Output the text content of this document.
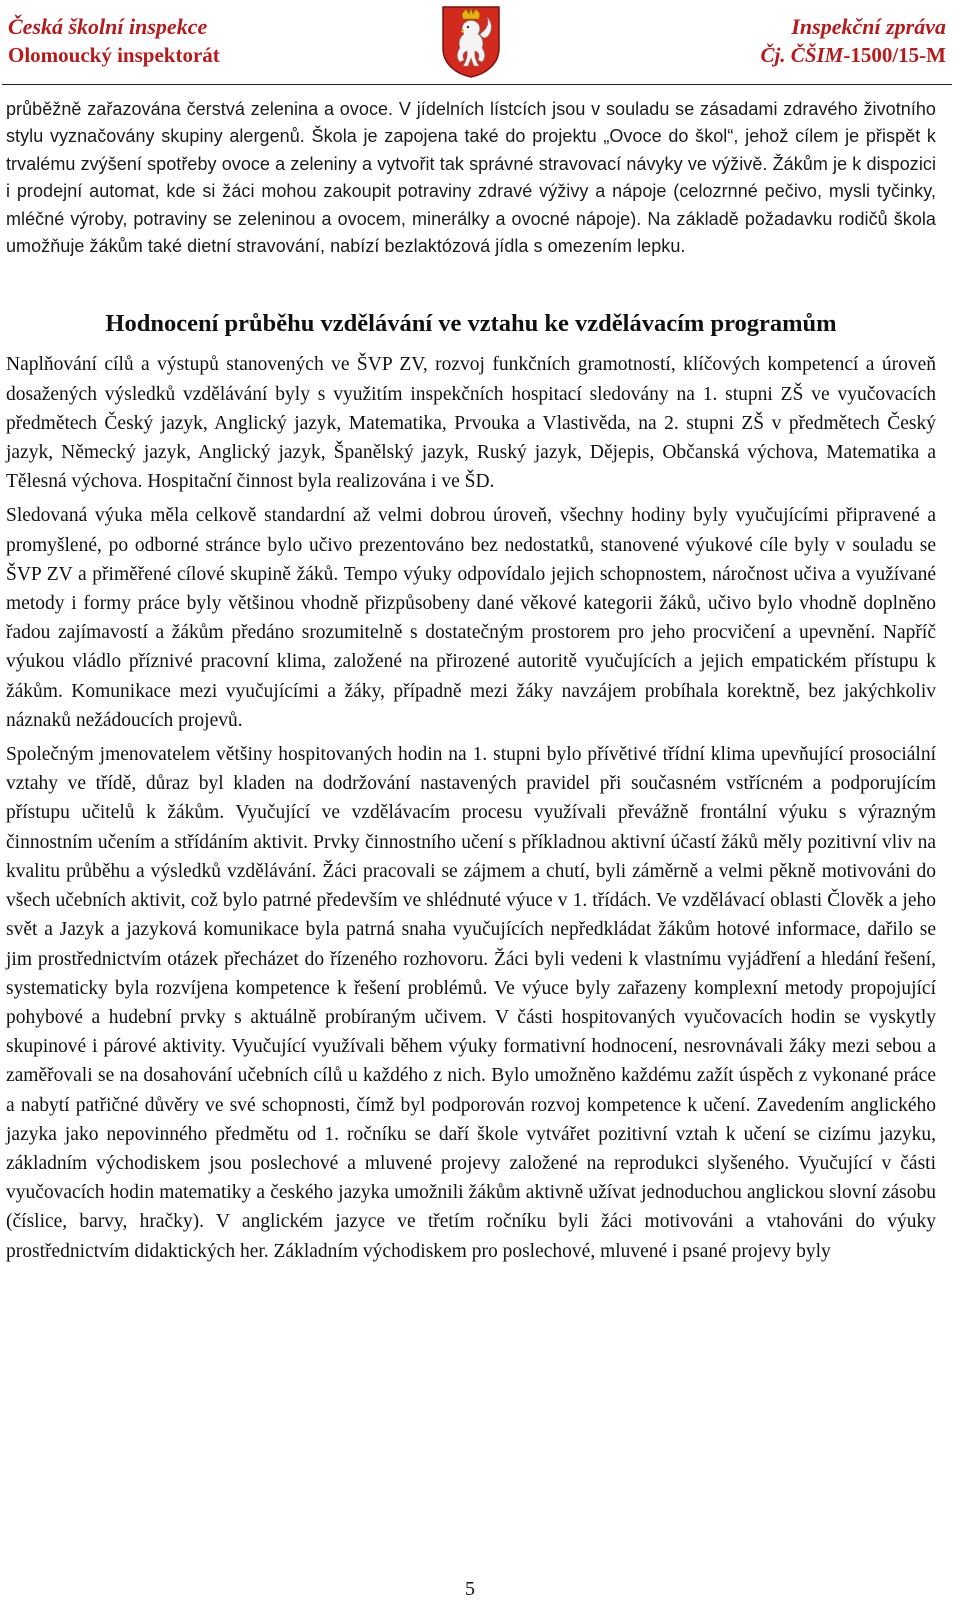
Česká školní inspekce
Olomoucký inspektorát
Inspekční zpráva
Čj. ČŠIM-1500/15-M

průběžně zařazována čerstvá zelenina a ovoce. V jídelních lístcích jsou v souladu se zásadami zdravého životního stylu vyznačovány skupiny alergenů. Škola je zapojena také do projektu „Ovoce do škol“, jehož cílem je přispět k trvalému zvýšení spotřeby ovoce a zeleniny a vytvořit tak správné stravovací návyky ve výživě. Žákům je k dispozici i prodejní automat, kde si žáci mohou zakoupit potraviny zdravé výživy a nápoje (celozrnné pečivo, mysli tyčinky, mléčné výroby, potraviny se zeleninou a ovocem, minerálky a ovocné nápoje). Na základě požadavku rodičů škola umožňuje žákům také dietní stravování, nabízí bezlaktózová jídla s omezením lepku.

Hodnocení průběhu vzdělávání ve vztahu ke vzdělávacím programům

Naplňování cílů a výstupů stanovených ve ŠVP ZV, rozvoj funkčních gramotností, klíčových kompetencí a úroveň dosažených výsledků vzdělávání byly s využitím inspekčních hospitací sledovány na 1. stupni ZŠ ve vyučovacích předmětech Český jazyk, Anglický jazyk, Matematika, Prvouka a Vlastivěda, na 2. stupni ZŠ v předmětech Český jazyk, Německý jazyk, Anglický jazyk, Španělský jazyk, Ruský jazyk, Dějepis, Občanská výchova, Matematika a Tělesná výchova. Hospitační činnost byla realizována i ve ŠD.

Sledovaná výuka měla celkově standardní až velmi dobrou úroveň, všechny hodiny byly vyučujícími připravené a promyšlené, po odborné stránce bylo učivo prezentováno bez nedostatků, stanovené výukové cíle byly v souladu se ŠVP ZV a přiměřené cílové skupině žáků. Tempo výuky odpovídalo jejich schopnostem, náročnost učiva a využívané metody i formy práce byly většinou vhodně přizpůsobeny dané věkové kategorii žáků, učivo bylo vhodně doplněno řadou zajímavostí a žákům předáno srozumitelně s dostatečným prostorem pro jeho procvičení a upevnění. Napříč výukou vládlo příznivé pracovní klima, založené na přirozené autoritě vyučujících a jejich empatickém přístupu k žákům. Komunikace mezi vyučujícími a žáky, případně mezi žáky navzájem probíhala korektně, bez jakýchkoliv náznaků nežádoucích projevů.

Společným jmenovatelem většiny hospitovaných hodin na 1. stupni bylo přívětivé třídní klima upevňující prosociální vztahy ve třídě, důraz byl kladen na dodržování nastavených pravidel při současném vstřícném a podporujícím přístupu učitelů k žákům. Vyučující ve vzdělávacím procesu využívali převážně frontální výuku s výrazným činnostním učením a střídáním aktivit. Prvky činnostního učení s příkladnou aktivní účastí žáků měly pozitivní vliv na kvalitu průběhu a výsledků vzdělávání. Žáci pracovali se zájmem a chutí, byli záměrně a velmi pěkně motivováni do všech učebních aktivit, což bylo patrné především ve shlédnuté výuce v 1. třídách. Ve vzdělávací oblasti Člověk a jeho svět a Jazyk a jazyková komunikace byla patrná snaha vyučujících nepředkládat žákům hotové informace, dařilo se jim prostřednictvím otázek přecházet do řízeného rozhovoru. Žáci byli vedeni k vlastnímu vyjádření a hledání řešení, systematicky byla rozvíjena kompetence k řešení problémů. Ve výuce byly zařazeny komplexní metody propojující pohybové a hudební prvky s aktuálně probíraným učivem. V části hospitovaných vyučovacích hodin se vyskytly skupinové i párové aktivity. Vyučující využívali během výuky formativní hodnocení, nesrovnávali žáky mezi sebou a zaměřovali se na dosahování učebních cílů u každého z nich. Bylo umožněno každému zažít úspěch z vykonané práce a nabytí patřičné důvěry ve své schopnosti, čímž byl podporován rozvoj kompetence k učení. Zavedením anglického jazyka jako nepovinného předmětu od 1. ročníku se daří škole vytvářet pozitivní vztah k učení se cizímu jazyku, základním východiskem jsou poslechové a mluvené projevy založené na reprodukci slyšeného. Vyučující v části vyučovacích hodin matematiky a českého jazyka umožnili žákům aktivně užívat jednoduchou anglickou slovní zásobu (číslice, barvy, hračky). V anglickém jazyce ve třetím ročníku byli žáci motivováni a vtahováni do výuky prostřednictvím didaktických her. Základním východiskem pro poslechové, mluvené i psané projevy byly

5
